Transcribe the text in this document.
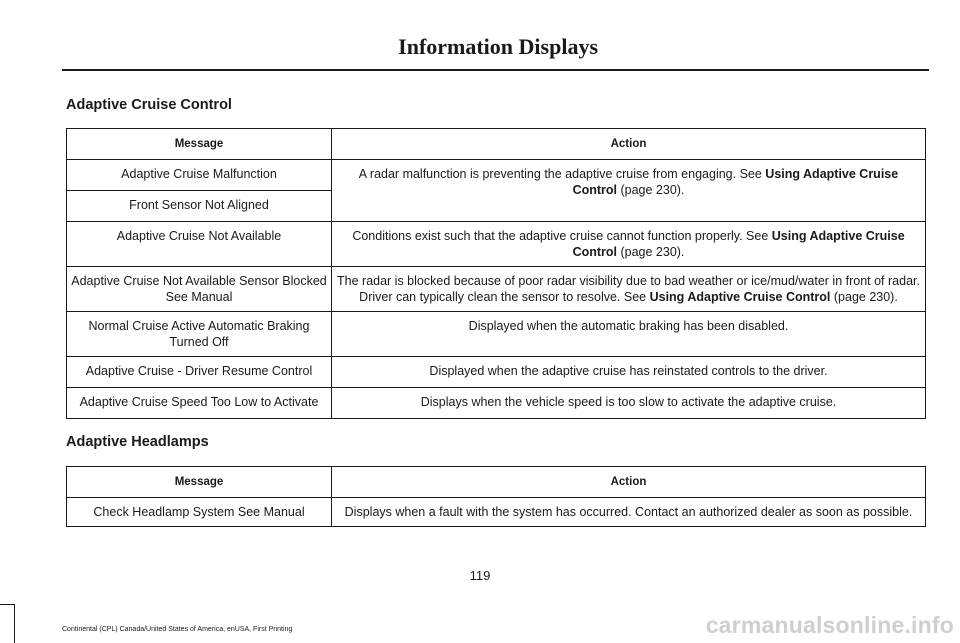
Information Displays
Adaptive Cruise Control
Message	Action
Adaptive Cruise Malfunction	A radar malfunction is preventing the adaptive cruise from engaging. See Using Adaptive Cruise Control (page 230).
Front Sensor Not Aligned	
Adaptive Cruise Not Available	Conditions exist such that the adaptive cruise cannot function properly. See Using Adaptive Cruise Control (page 230).
Adaptive Cruise Not Available Sensor Blocked See Manual	The radar is blocked because of poor radar visibility due to bad weather or ice/mud/water in front of radar. Driver can typically clean the sensor to resolve. See Using Adaptive Cruise Control (page 230).
Normal Cruise Active Automatic Braking Turned Off	Displayed when the automatic braking has been disabled.
Adaptive Cruise - Driver Resume Control	Displayed when the adaptive cruise has reinstated controls to the driver.
Adaptive Cruise Speed Too Low to Activate	Displays when the vehicle speed is too slow to activate the adaptive cruise.
Adaptive Headlamps
Message	Action
Check Headlamp System See Manual	Displays when a fault with the system has occurred. Contact an authorized dealer as soon as possible.
119
Continental (CPL) Canada/United States of America, enUSA, First Printing	carmanualsonline.info
